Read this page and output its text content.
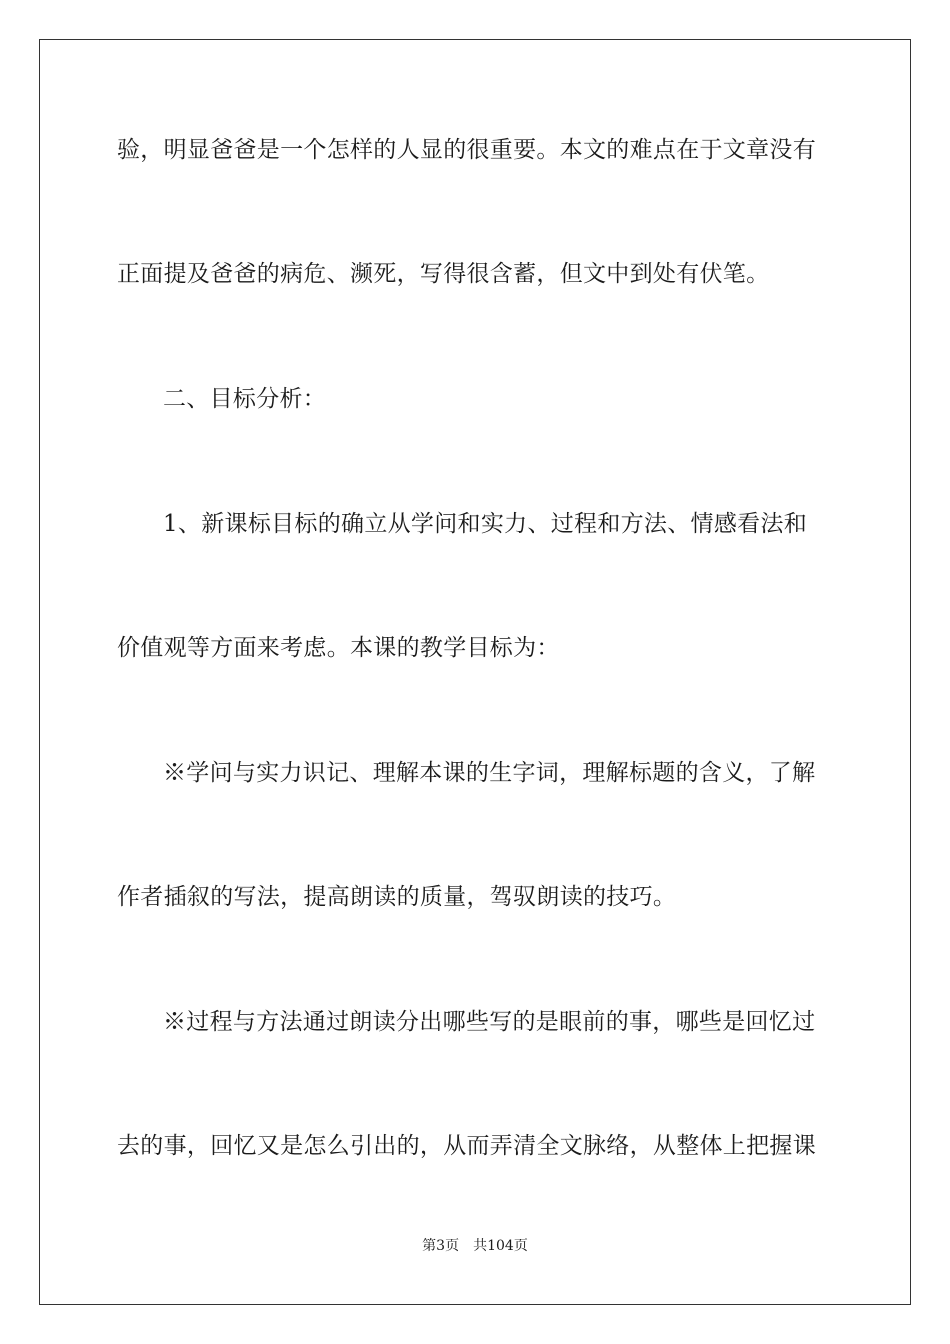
验，明显爸爸是一个怎样的人显的很重要。本文的难点在于文章没有
正面提及爸爸的病危、濒死，写得很含蓄，但文中到处有伏笔。
二、目标分析：
1、新课标目标的确立从学问和实力、过程和方法、情感看法和
价值观等方面来考虑。本课的教学目标为：
※学问与实力识记、理解本课的生字词，理解标题的含义，了解
作者插叙的写法，提高朗读的质量，驾驭朗读的技巧。
※过程与方法通过朗读分出哪些写的是眼前的事，哪些是回忆过
去的事，回忆又是怎么引出的，从而弄清全文脉络，从整体上把握课
第3页 共104页
